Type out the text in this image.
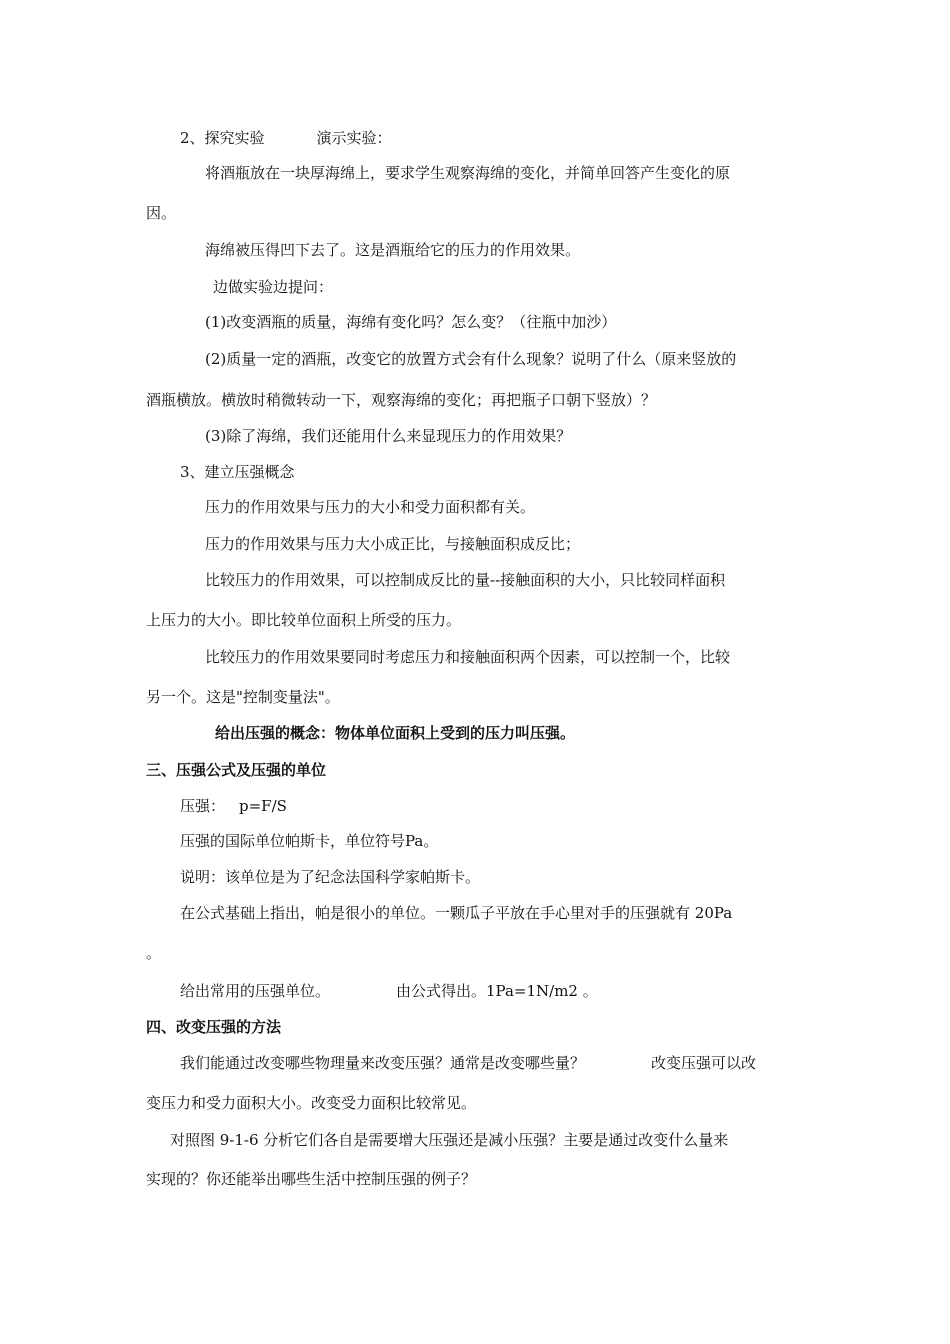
2、探究实验	演示实验：
将酒瓶放在一块厚海绵上，要求学生观察海绵的变化，并简单回答产生变化的原
因。
海绵被压得凹下去了。这是酒瓶给它的压力的作用效果。
边做实验边提问：
(1)改变酒瓶的质量，海绵有变化吗？怎么变？（往瓶中加沙）
(2)质量一定的酒瓶，改变它的放置方式会有什么现象？说明了什么（原来竖放的
酒瓶横放。横放时稍微转动一下，观察海绵的变化；再把瓶子口朝下竖放）？
(3)除了海绵，我们还能用什么来显现压力的作用效果？
3、建立压强概念
压力的作用效果与压力的大小和受力面积都有关。
压力的作用效果与压力大小成正比，与接触面积成反比；
比较压力的作用效果，可以控制成反比的量--接触面积的大小，只比较同样面积
上压力的大小。即比较单位面积上所受的压力。
比较压力的作用效果要同时考虑压力和接触面积两个因素，可以控制一个，比较
另一个。这是"控制变量法"。
给出压强的概念：物体单位面积上受到的压力叫压强。
三、压强公式及压强的单位
压强： p=F/S
压强的国际单位帕斯卡，单位符号Pa。
说明：该单位是为了纪念法国科学家帕斯卡。
在公式基础上指出，帕是很小的单位。一颗瓜子平放在手心里对手的压强就有 20Pa
。
给出常用的压强单位。	由公式得出。1Pa=1N/m2 。
四、改变压强的方法
我们能通过改变哪些物理量来改变压强？通常是改变哪些量？	改变压强可以改
变压力和受力面积大小。改变受力面积比较常见。
对照图 9-1-6 分析它们各自是需要增大压强还是减小压强？主要是通过改变什么量来
实现的？你还能举出哪些生活中控制压强的例子？
